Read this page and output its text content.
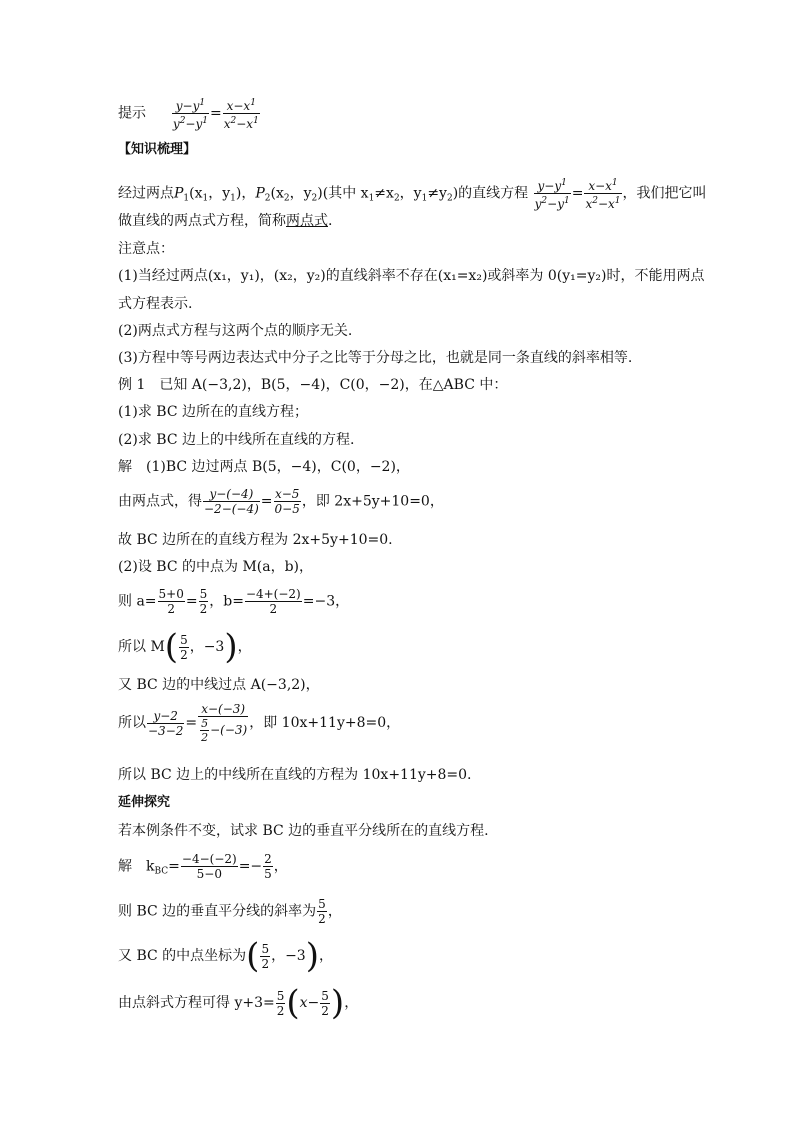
提示 $\frac{y-y^1}{y^2-y^1} = \frac{x-x^1}{x^2-x^1}$
【知识梳理】
经过两点$P_1(x_1$，$y_1$)，$P_2(x_2$，$y_2$)(其中 $x_1\ne x_2$，$y_1\ne y_2$)的直线方程 $\frac{y-y^1}{y^2-y^1} = \frac{x-x^1}{x^2-x^1}$ ，我们把它叫
做直线的两点式方程，简称两点式.
注意点：
(1)当经过两点(x₁，y₁)，(x₂，y₂)的直线斜率不存在(x₁=x₂)或斜率为 0(y₁=y₂)时，不能用两点
式方程表示.
(2)两点式方程与这两个点的顺序无关.
(3)方程中等号两边表达式中分子之比等于分母之比，也就是同一条直线的斜率相等.
例 1　已知 A(−3,2)，B(5，−4)，C(0，−2)，在△ABC 中：
(1)求 BC 边所在的直线方程；
(2)求 BC 边上的中线所在直线的方程.
解　(1)BC 边过两点 B(5，−4)，C(0，−2)，
由两点式，得 $\frac{y-(-4)}{-2-(-4)} = \frac{x-5}{0-5}$ ，即 2x+5y+10=0，
故 BC 边所在的直线方程为 2x+5y+10=0.
(2)设 BC 的中点为 M(a，b)，
则 $a= \frac{5+0}{2} = \frac{5}{2}$ ，$b= \frac{-4+(-2)}{2} =-3$，
所以 $M( \frac{5}{2}$ ，−3)，
又 BC 边的中线过点 A(−3,2)，
所以 $\frac{y-2}{-3-2} = \frac{x-(-3)}{\frac{5}{2} -(-3)}$ ，即 10x+11y+8=0，
所以 BC 边上的中线所在直线的方程为 10x+11y+8=0.
延伸探究
若本例条件不变，试求 BC 边的垂直平分线所在的直线方程.
解　$k_{BC}= \frac{-4-(-2)}{5-0} =- \frac{2}{5}$ ，
则 BC 边的垂直平分线的斜率为 $\frac{5}{2}$ ，
又 BC 的中点坐标为( $\frac{5}{2}$ ，−3)，
由点斜式方程可得 $y+3= \frac{5}{2} (x- \frac{5}{2}$ )，
